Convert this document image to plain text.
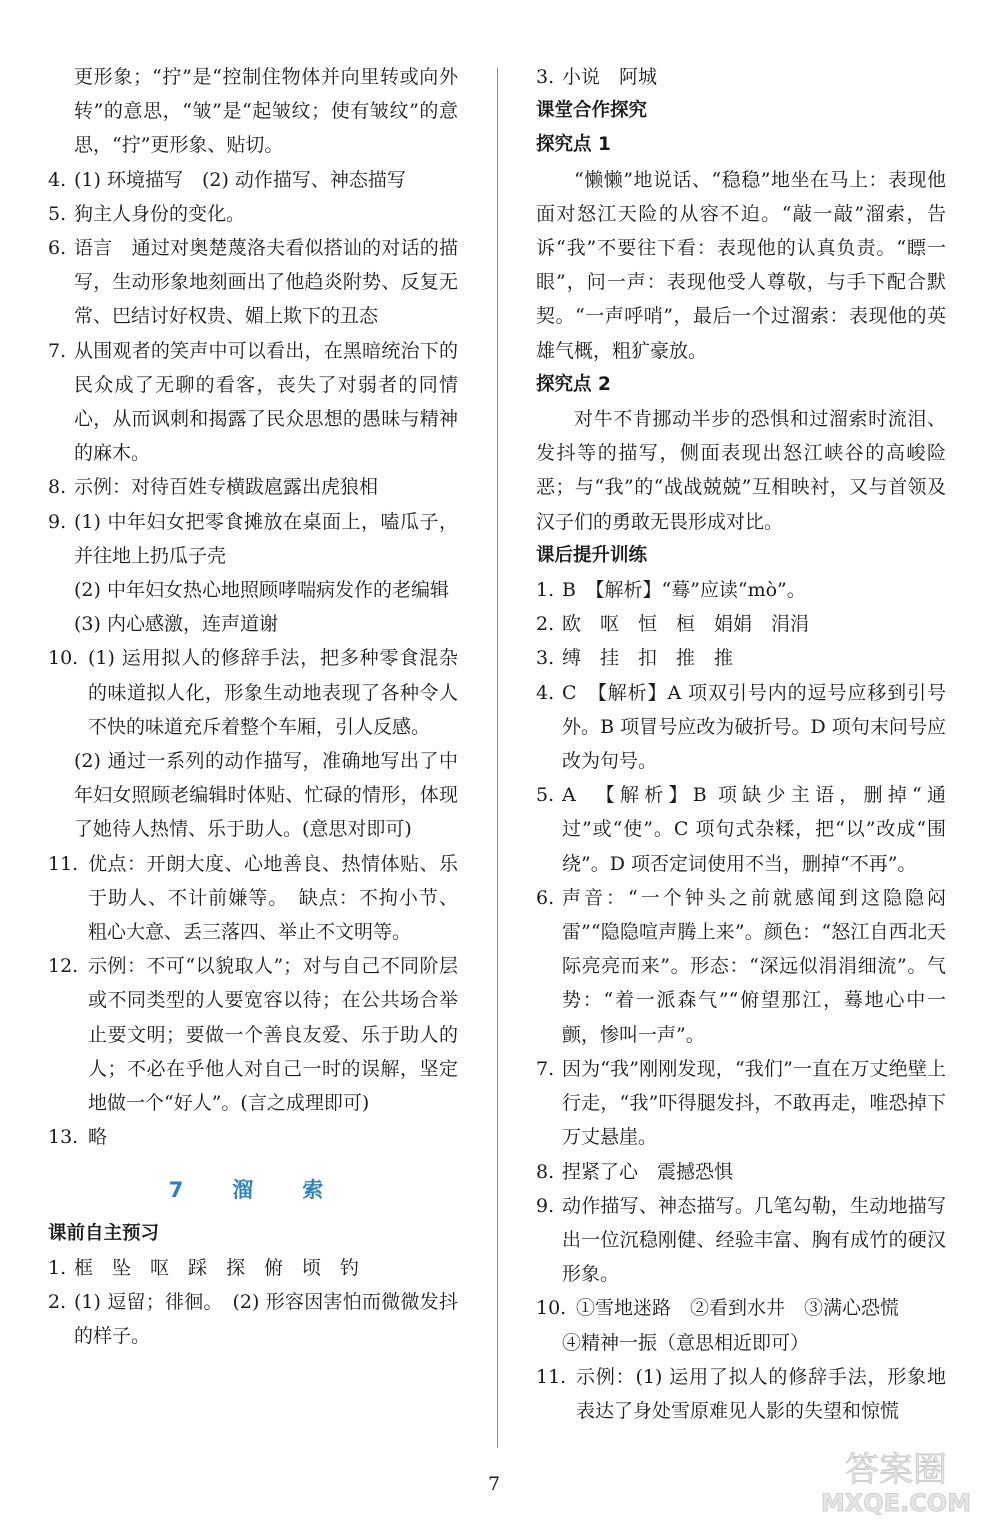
更形象；“拧”是“控制住物体并向里转或向外转”的意思，“皱”是“起皱纹；使有皱纹”的意思，“拧”更形象、贴切。
4. (1) 环境描写　(2) 动作描写、神态描写
5. 狗主人身份的变化。
6. 语言　通过对奥楚蔑洛夫看似搭讪的对话的描写，生动形象地刻画出了他趋炎附势、反复无常、巴结讨好权贵、媚上欺下的丑态
7. 从围观者的笑声中可以看出，在黑暗统治下的民众成了无聊的看客，丧失了对弱者的同情心，从而讽刺和揭露了民众思想的愚昧与精神的麻木。
8. 示例：对待百姓专横跋扈露出虎狼相
9. (1) 中年妇女把零食摊放在桌面上，嗑瓜子，并往地上扔瓜子壳
(2) 中年妇女热心地照顾哮喘病发作的老编辑
(3) 内心感激，连声道谢
10. (1) 运用拟人的修辞手法，把多种零食混杂的味道拟人化，形象生动地表现了各种令人不快的味道充斥着整个车厢，引人反感。
(2) 通过一系列的动作描写，准确地写出了中年妇女照顾老编辑时体贴、忙碌的情形，体现了她待人热情、乐于助人。(意思对即可)
11. 优点：开朗大度、心地善良、热情体贴、乐于助人、不计前嫌等。　缺点：不拘小节、粗心大意、丢三落四、举止不文明等。
12. 示例：不可“以貌取人”；对与自己不同阶层或不同类型的人要宽容以待；在公共场合举止要文明；要做一个善良友爱、乐于助人的人；不必在乎他人对自己一时的误解，坚定地做一个“好人”。(言之成理即可)
13. 略
7　溜　索
课前自主预习
1. 框　坠　呕　踩　探　俯　顷　钓
2. (1) 逗留；徘徊。　(2) 形容因害怕而微微发抖的样子。
3. 小说　阿城
课堂合作探究
探究点 1
“懒懒”地说话、“稳稳”地坐在马上：表现他面对怒江天险的从容不迫。“敲一敲”溜索，告诉“我”不要往下看：表现他的认真负责。“瞟一眼”，问一声：表现他受人尊敬，与手下配合默契。“一声呼哨”，最后一个过溜索：表现他的英雄气概，粗犷豪放。
探究点 2
对牛不肯挪动半步的恐惧和过溜索时流泪、发抖等的描写，侧面表现出怒江峡谷的高峻险恶；与“我”的“战战兢兢”互相映衬，又与首领及汉子们的勇敢无畏形成对比。
课后提升训练
1. B　【解析】“蓦”应读“mò”。
2. 欧　呕　恒　桓　娟娟　涓涓
3. 缚　挂　扣　推　推
4. C　【解析】A 项双引号内的逗号应移到引号外。B 项冒号应改为破折号。D 项句末问号应改为句号。
5. A　【解析】B 项缺少主语，删掉“通过”或“使”。C 项句式杂糅，把“以”改成“围绕”。D 项否定词使用不当，删掉“不再”。
6. 声音：“一个钟头之前就感闻到这隐隐闷雷”“隐隐喧声腾上来”。颜色：“怒江自西北天际亮亮而来”。形态：“深远似涓涓细流”。气势：“着一派森气”“俯望那江，蓦地心中一颤，惨叫一声”。
7. 因为“我”刚刚发现，“我们”一直在万丈绝壁上行走，“我”吓得腿发抖，不敢再走，唯恐掉下万丈悬崖。
8. 捏紧了心　震撼恐惧
9. 动作描写、神态描写。几笔勾勒，生动地描写出一位沉稳刚健、经验丰富、胸有成竹的硬汉形象。
10. ①雪地迷路　②看到水井　③满心恐慌
④精神一振（意思相近即可）
11. 示例：(1) 运用了拟人的修辞手法，形象地表达了身处雪原难见人影的失望和惊慌
7	答案圈
MXQE.COM
